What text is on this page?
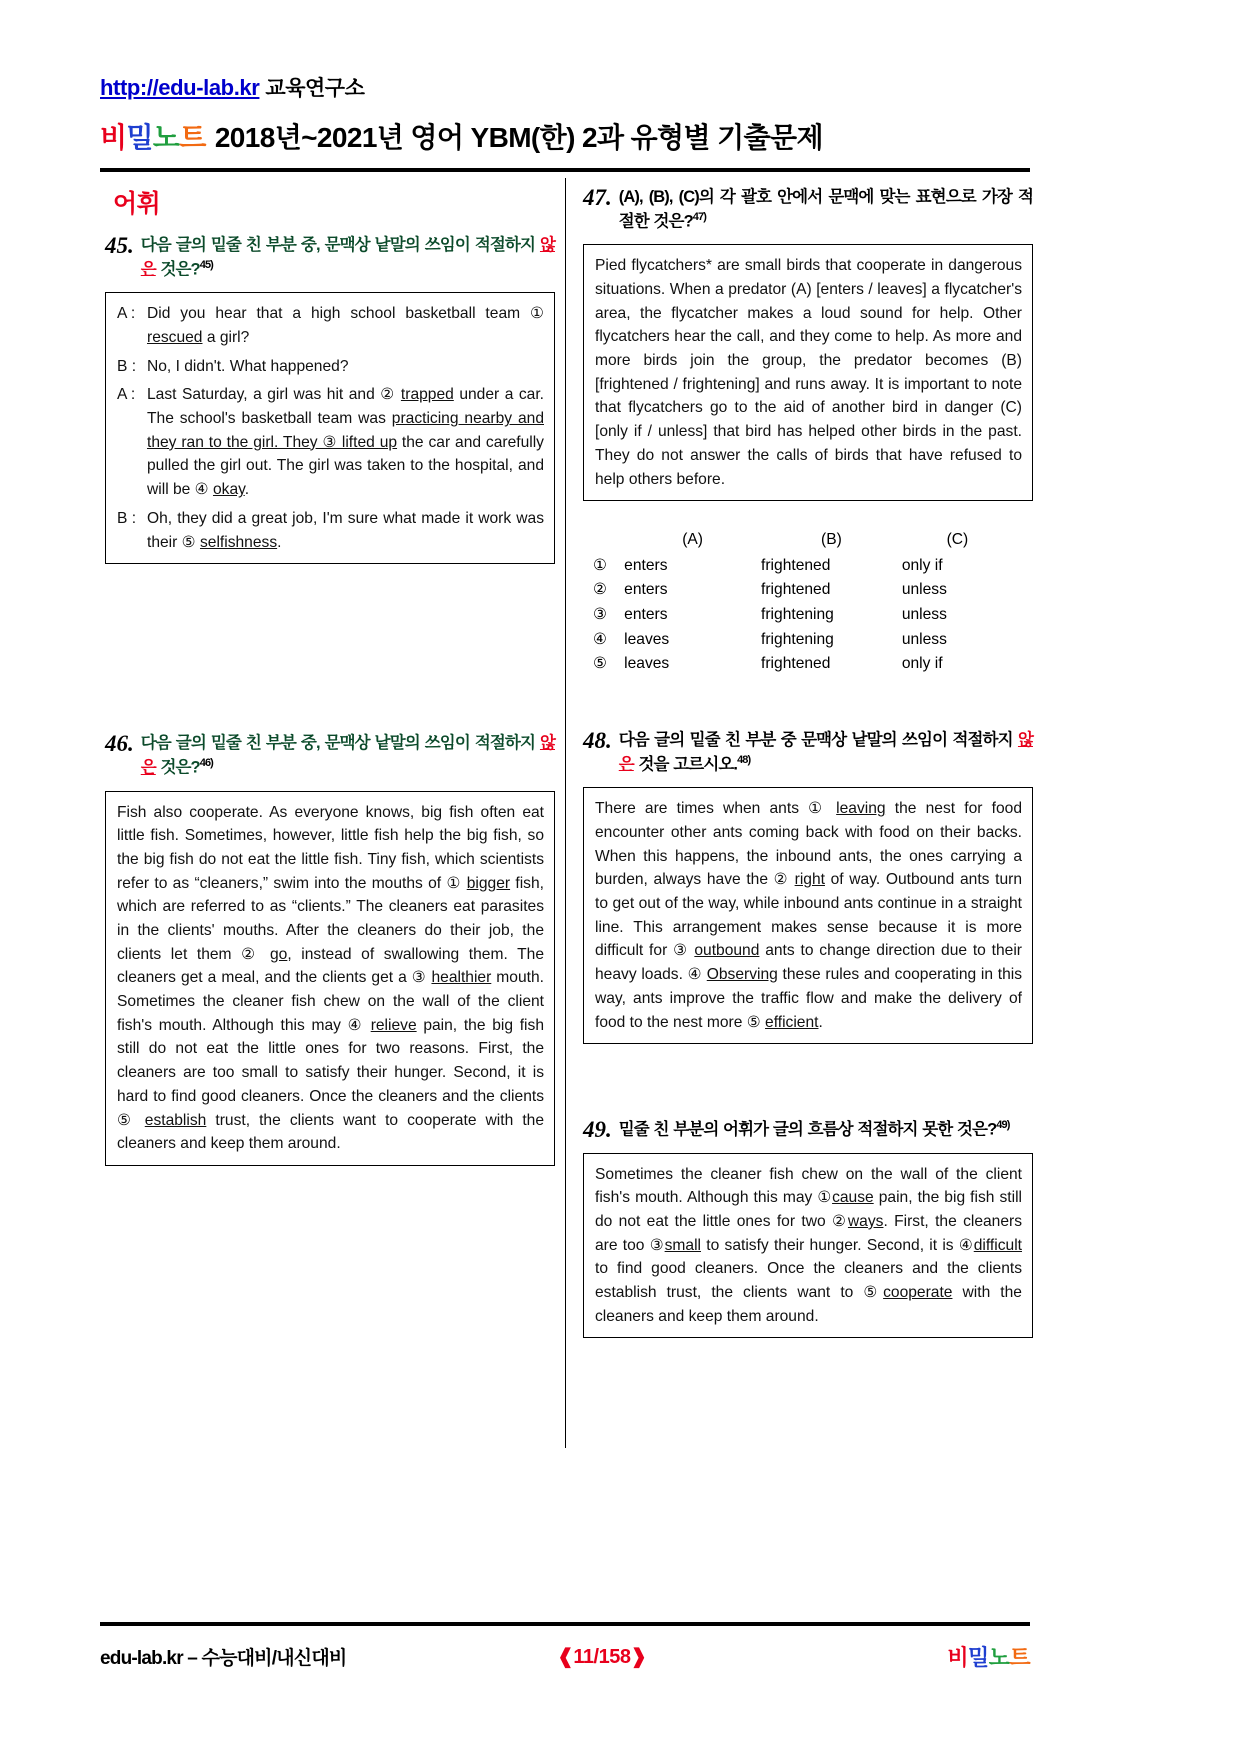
http://edu-lab.kr 교육연구소
비밀노트 2018년~2021년 영어 YBM(한) 2과 유형별 기출문제
어휘
45. 다음 글의 밑줄 친 부분 중, 문맥상 낱말의 쓰임이 적절하지 않은 것은?$^{45)}$
A : Did you hear that a high school basketball team ① rescued a girl?
B : No, I didn't. What happened?
A : Last Saturday, a girl was hit and ② trapped under a car. The school's basketball team was practicing nearby and they ran to the girl. They ③ lifted up the car and carefully pulled the girl out. The girl was taken to the hospital, and will be ④ okay.
B : Oh, they did a great job, I'm sure what made it work was their ⑤ selfishness.
46. 다음 글의 밑줄 친 부분 중, 문맥상 낱말의 쓰임이 적절하지 않은 것은?$^{46)}$

Fish also cooperate. As everyone knows, big fish often eat little fish. Sometimes, however, little fish help the big fish, so the big fish do not eat the little fish. Tiny fish, which scientists refer to as “cleaners,” swim into the mouths of ① bigger fish, which are referred to as “clients.” The cleaners eat parasites in the clients' mouths. After the cleaners do their job, the clients let them ② go, instead of swallowing them. The cleaners get a meal, and the clients get a ③ healthier mouth. Sometimes the cleaner fish chew on the wall of the client fish's mouth. Although this may ④ relieve pain, the big fish still do not eat the little ones for two reasons. First, the cleaners are too small to satisfy their hunger. Second, it is hard to find good cleaners. Once the cleaners and the clients ⑤ establish trust, the clients want to cooperate with the cleaners and keep them around.

47. (A), (B), (C)의 각 괄호 안에서 문맥에 맞는 표현으로 가장 적절한 것은?$^{47)}$

Pied flycatchers* are small birds that cooperate in dangerous situations. When a predator (A) [enters / leaves] a flycatcher's area, the flycatcher makes a loud sound for help. Other flycatchers hear the call, and they come to help. As more and more birds join the group, the predator becomes (B) [frightened / frightening] and runs away. It is important to note that flycatchers go to the aid of another bird in danger (C) [only if / unless] that bird has helped other birds in the past. They do not answer the calls of birds that have refused to help others before.

	(A)	(B)	(C)
①	enters	frightened	only if
②	enters	frightened	unless
③	enters	frightening	unless
④	leaves	frightening	unless
⑤	leaves	frightened	only if
48. 다음 글의 밑줄 친 부분 중 문맥상 낱말의 쓰임이 적절하지 않은 것을 고르시오.$^{48)}$

There are times when ants ① leaving the nest for food encounter other ants coming back with food on their backs. When this happens, the inbound ants, the ones carrying a burden, always have the ② right of way. Outbound ants turn to get out of the way, while inbound ants continue in a straight line. This arrangement makes sense because it is more difficult for ③ outbound ants to change direction due to their heavy loads. ④ Observing these rules and cooperating in this way, ants improve the traffic flow and make the delivery of food to the nest more ⑤ efficient.

49. 밑줄 친 부분의 어휘가 글의 흐름상 적절하지 못한 것은?$^{49)}$

Sometimes the cleaner fish chew on the wall of the client fish's mouth. Although this may ①cause pain, the big fish still do not eat the little ones for two ②ways. First, the cleaners are too ③small to satisfy their hunger. Second, it is ④difficult to find good cleaners. Once the cleaners and the clients establish trust, the clients want to ⑤cooperate with the cleaners and keep them around.

edu-lab.kr – 수능대비/내신대비	❰11/158❱	비밀노트
